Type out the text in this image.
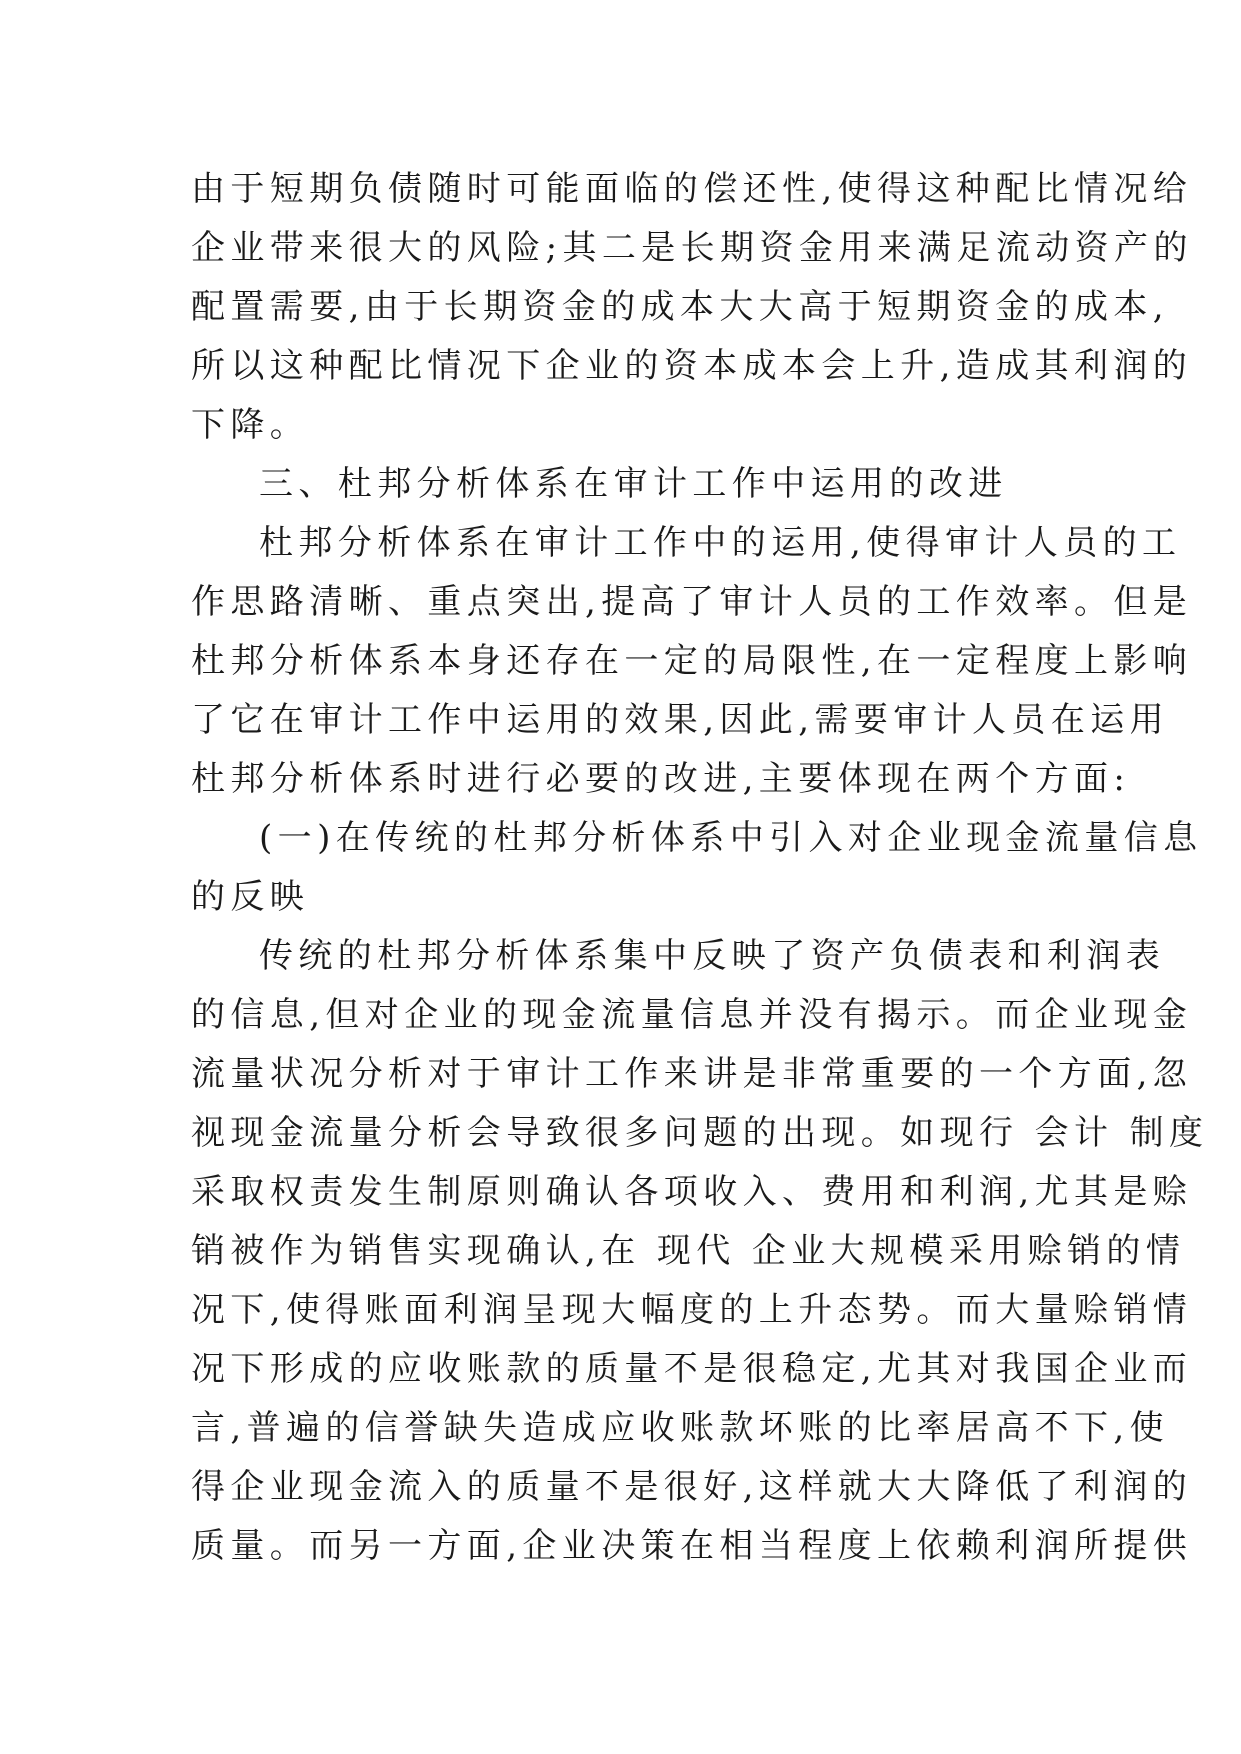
由于短期负债随时可能面临的偿还性,使得这种配比情况给
企业带来很大的风险;其二是长期资金用来满足流动资产的
配置需要,由于长期资金的成本大大高于短期资金的成本,
所以这种配比情况下企业的资本成本会上升,造成其利润的
下降。
三、杜邦分析体系在审计工作中运用的改进
杜邦分析体系在审计工作中的运用,使得审计人员的工
作思路清晰、重点突出,提高了审计人员的工作效率。但是
杜邦分析体系本身还存在一定的局限性,在一定程度上影响
了它在审计工作中运用的效果,因此,需要审计人员在运用
杜邦分析体系时进行必要的改进,主要体现在两个方面:
(一)在传统的杜邦分析体系中引入对企业现金流量信息
的反映
传统的杜邦分析体系集中反映了资产负债表和利润表
的信息,但对企业的现金流量信息并没有揭示。而企业现金
流量状况分析对于审计工作来讲是非常重要的一个方面,忽
视现金流量分析会导致很多问题的出现。如现行 会计 制度
采取权责发生制原则确认各项收入、费用和利润,尤其是赊
销被作为销售实现确认,在 现代 企业大规模采用赊销的情
况下,使得账面利润呈现大幅度的上升态势。而大量赊销情
况下形成的应收账款的质量不是很稳定,尤其对我国企业而
言,普遍的信誉缺失造成应收账款坏账的比率居高不下,使
得企业现金流入的质量不是很好,这样就大大降低了利润的
质量。而另一方面,企业决策在相当程度上依赖利润所提供
